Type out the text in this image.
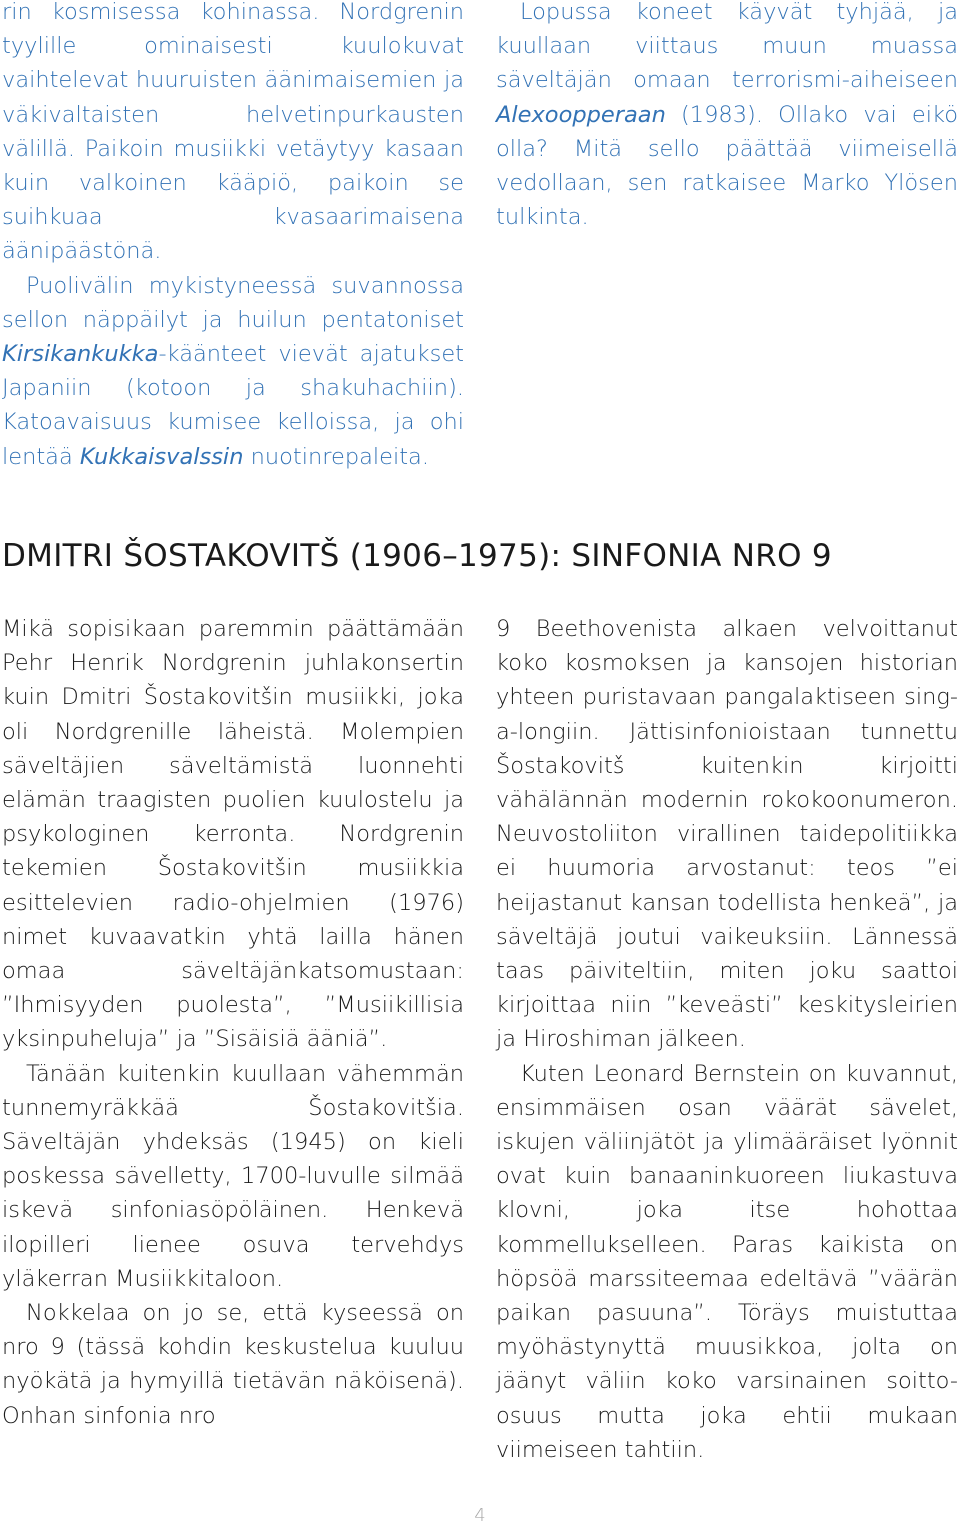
rin kosmisessa kohinassa. Nordgrenin tyylille ominaisesti kuulokuvat vaihtelevat huuruisten äänimaisemien ja väkivaltaisten helvetinpurkausten välillä. Paikoin musiikki vetäytyy kasaan kuin valkoinen kääpiö, paikoin se suihkuaa kvasaarimaisena äänipäästönä.

Puolivälin mykistyneessä suvannossa sellon näppäilyt ja huilun pentatoniset Kirsikankukka-käänteet vievät ajatukset Japaniin (kotoon ja shakuhachiin). Katoavaisuus kumisee kelloissa, ja ohi lentää Kukkaisvalssin nuotinrepaleita.

Lopussa koneet käyvät tyhjää, ja kuullaan viittaus muun muassa säveltäjän omaan terrorismi-aiheiseen Alexoopperaan (1983). Ollako vai eikö olla? Mitä sello päättää viimeisellä vedollaan, sen ratkaisee Marko Ylösen tulkinta.

DMITRI ŠOSTAKOVITŠ (1906–1975): SINFONIA NRO 9

Mikä sopisikaan paremmin päättämään Pehr Henrik Nordgrenin juhlakonsertin kuin Dmitri Šostakovitšin musiikki, joka oli Nordgrenille läheistä. Molempien säveltäjien säveltämistä luonnehti elämän traagisten puolien kuulostelu ja psykologinen kerronta. Nordgrenin tekemien Šostakovitšin musiikkia esittelevien radio-ohjelmien (1976) nimet kuvaavatkin yhtä lailla hänen omaa säveltäjänkatsomustaan: ”Ihmisyyden puolesta”, ”Musiikillisia yksinpuheluja” ja ”Sisäisiä ääniä”.

Tänään kuitenkin kuullaan vähemmän tunnemyräkkää Šostakovitšia. Säveltäjän yhdeksäs (1945) on kieli poskessa sävelletty, 1700-luvulle silmää iskevä sinfoniasöpöläinen. Henkevä ilopilleri lienee osuva tervehdys yläkerran Musiikkitaloon.

Nokkelaa on jo se, että kyseessä on nro 9 (tässä kohdin keskustelua kuuluu nyökätä ja hymyillä tietävän näköisenä). Onhan sinfonia nro

9 Beethovenista alkaen velvoittanut koko kosmoksen ja kansojen historian yhteen puristavaan pangalaktiseen sing-a-longiin. Jättisinfonioistaan tunnettu Šostakovitš kuitenkin kirjoitti vähälännän modernin rokokoonumeron. Neuvostoliiton virallinen taidepolitiikka ei huumoria arvostanut: teos ”ei heijastanut kansan todellista henkeä”, ja säveltäjä joutui vaikeuksiin. Lännessä taas päiviteltiin, miten joku saattoi kirjoittaa niin ”keveästi” keskitysleirien ja Hiroshiman jälkeen.

Kuten Leonard Bernstein on kuvannut, ensimmäisen osan väärät sävelet, iskujen väliinjätöt ja ylimääräiset lyönnit ovat kuin banaaninkuoreen liukastuva klovni, joka itse hohottaa kommellukselleen. Paras kaikista on höpsöä marssiteemaa edeltävä ”väärän paikan pasuuna”. Töräys muistuttaa myöhästynyttä muusikkoa, jolta on jäänyt väliin koko varsinainen soitto-osuus mutta joka ehtii mukaan viimeiseen tahtiin.

4
